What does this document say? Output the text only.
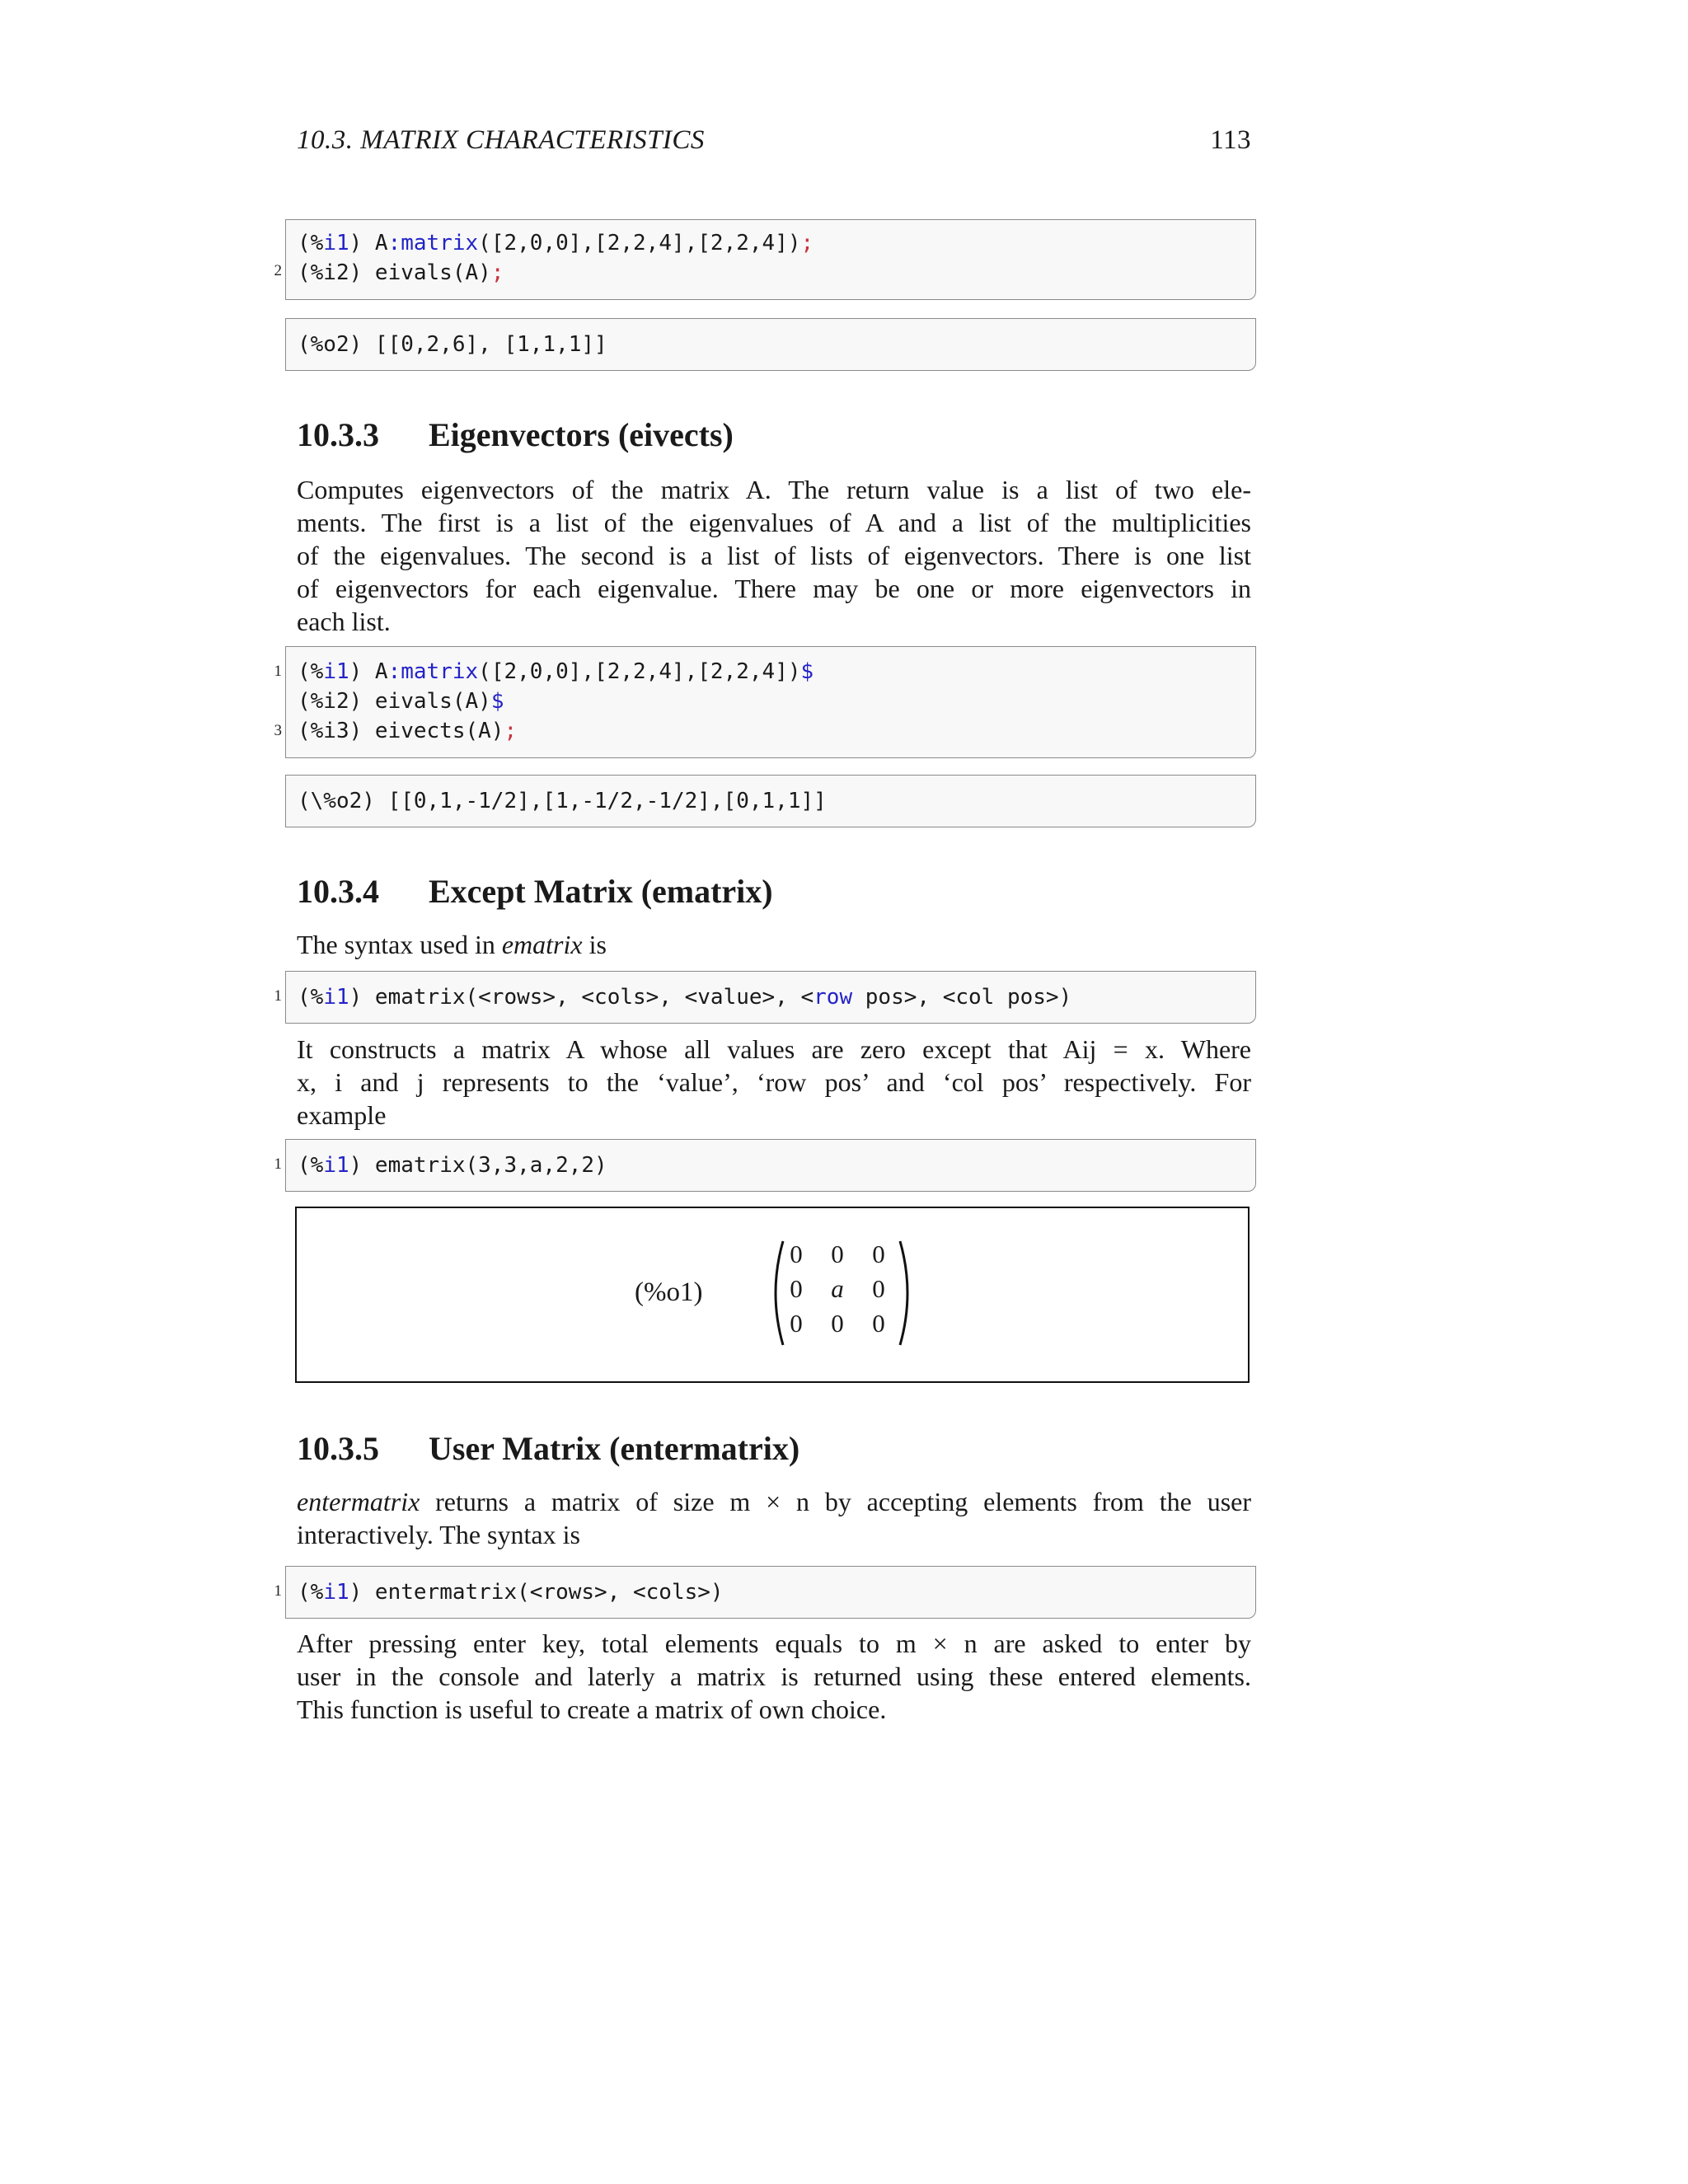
10.3. MATRIX CHARACTERISTICS	113
(%i1) A:matrix([2,0,0],[2,2,4],[2,2,4]);
(%i2) eivals(A);
2
(%o2) [[0,2,6], [1,1,1]]
10.3.3 Eigenvectors (eivects)
Computes eigenvectors of the matrix A. The return value is a list of two ele-
ments. The first is a list of the eigenvalues of A and a list of the multiplicities
of the eigenvalues. The second is a list of lists of eigenvectors. There is one list
of eigenvectors for each eigenvalue. There may be one or more eigenvectors in
each list.
(%i1) A:matrix([2,0,0],[2,2,4],[2,2,4])$
(%i2) eivals(A)$
(%i3) eivects(A);
1
3
(\%o2) [[0,1,-1/2],[1,-1/2,-1/2],[0,1,1]]
10.3.4 Except Matrix (ematrix)
The syntax used in ematrix is
(%i1) ematrix(<rows>, <cols>, <value>, <row pos>, <col pos>)
1
It constructs a matrix A whose all values are zero except that Aij = x. Where
x, i and j represents to the ‘value’, ‘row pos’ and ‘col pos’ respectively. For
example
(%i1) ematrix(3,3,a,2,2)
1
(%o1)
0 0 0
0 a 0
0 0 0
10.3.5 User Matrix (entermatrix)
entermatrix returns a matrix of size m × n by accepting elements from the user
interactively. The syntax is
(%i1) entermatrix(<rows>, <cols>)
1
After pressing enter key, total elements equals to m × n are asked to enter by
user in the console and laterly a matrix is returned using these entered elements.
This function is useful to create a matrix of own choice.
